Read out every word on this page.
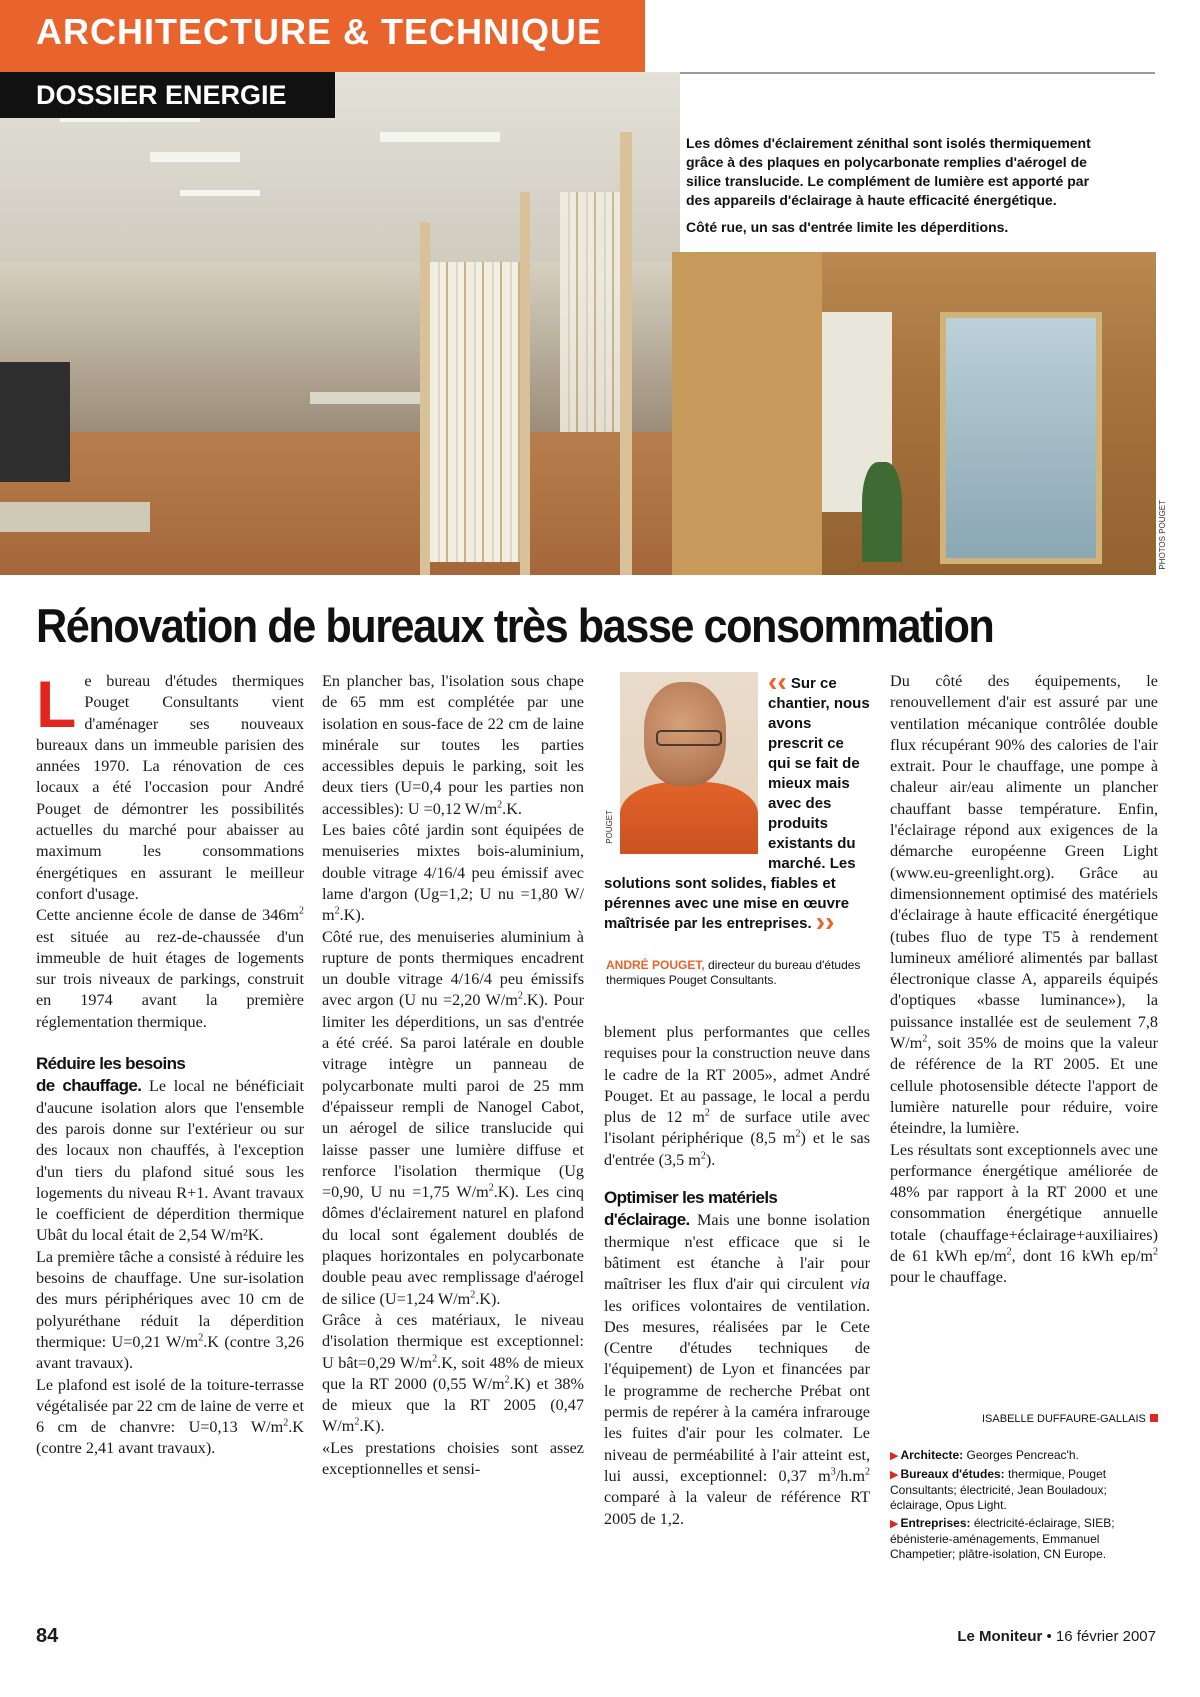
ARCHITECTURE & TECHNIQUE
DOSSIER ENERGIE

Les dômes d'éclairement zénithal sont isolés thermiquement grâce à des plaques en polycarbonate remplies d'aérogel de silice translucide. Le complément de lumière est apporté par des appareils d'éclairage à haute efficacité énergétique.

Côté rue, un sas d'entrée limite les déperditions.

PHOTOS POUGET
Rénovation de bureaux très basse consommation

Le bureau d'études thermiques Pouget Consultants vient d'aménager ses nouveaux bureaux dans un immeuble parisien des années 1970. La rénovation de ces locaux a été l'occasion pour André Pouget de démontrer les possibilités actuelles du marché pour abaisser au maximum les consommations énergétiques en assurant le meilleur confort d'usage.

Cette ancienne école de danse de $346m^2$ est située au rez-de-chaussée d'un immeuble de huit étages de logements sur trois niveaux de parkings, construit en 1974 avant la première réglementation thermique.

Réduire les besoins
de chauffage. Le local ne bénéficiait d'aucune isolation alors que l'ensemble des parois donne sur l'extérieur ou sur des locaux non chauffés, à l'exception d'un tiers du plafond situé sous les logements du niveau R+1. Avant travaux le coefficient de déperdition thermique Ubât du local était de 2,54 W/m²K.

La première tâche a consisté à réduire les besoins de chauffage. Une sur-isolation des murs périphériques avec 10 cm de polyuréthane réduit la déperdition thermique: U=0,21 $W/m^2.K$ (contre 3,26 avant travaux).

Le plafond est isolé de la toiture-terrasse végétalisée par 22 cm de laine de verre et 6 cm de chanvre: U=0,13 $W/m^2.K$ (contre 2,41 avant travaux).

En plancher bas, l'isolation sous chape de 65 mm est complétée par une isolation en sous-face de 22 cm de laine minérale sur toutes les parties accessibles depuis le parking, soit les deux tiers (U=0,4 pour les parties non accessibles): U =0,12 $W/m^2.K$.

Les baies côté jardin sont équipées de menuiseries mixtes bois-aluminium, double vitrage 4/16/4 peu émissif avec lame d'argon (Ug=1,2; U nu =1,80 W/ $m^2.K$).

Côté rue, des menuiseries aluminium à rupture de ponts thermiques encadrent un double vitrage 4/16/4 peu émissifs avec argon (U nu =2,20 $W/m^2.K$). Pour limiter les déperditions, un sas d'entrée a été créé. Sa paroi latérale en double vitrage intègre un panneau de polycarbonate multi paroi de 25 mm d'épaisseur rempli de Nanogel Cabot, un aérogel de silice translucide qui laisse passer une lumière diffuse et renforce l'isolation thermique (Ug =0,90, U nu =1,75 $W/m^2.K$). Les cinq dômes d'éclairement naturel en plafond du local sont également doublés de plaques horizontales en polycarbonate double peau avec remplissage d'aérogel de silice (U=1,24 $W/m^2.K$).

Grâce à ces matériaux, le niveau d'isolation thermique est exceptionnel: U bât=0,29 $W/m^2.K$, soit 48% de mieux que la RT 2000 (0,55 $W/m^2.K$) et 38% de mieux que la RT 2005 (0,47 $W/m^2.K$).

«Les prestations choisies sont assez exceptionnelles et sensi-

POUGET
‹‹ Sur ce chantier, nous avons prescrit ce qui se fait de mieux mais avec des produits existants du marché. Les solutions sont solides, fiables et pérennes avec une mise en œuvre maîtrisée par les entreprises. ››

ANDRÉ POUGET, directeur du bureau d'études thermiques Pouget Consultants.

blement plus performantes que celles requises pour la construction neuve dans le cadre de la RT 2005», admet André Pouget. Et au passage, le local a perdu plus de 12 $m^2$ de surface utile avec l'isolant périphérique (8,5 $m^2$) et le sas d'entrée (3,5 $m^2$).

Optimiser les matériels
d'éclairage. Mais une bonne isolation thermique n'est efficace que si le bâtiment est étanche à l'air pour maîtriser les flux d'air qui circulent via les orifices volontaires de ventilation. Des mesures, réalisées par le Cete (Centre d'études techniques de l'équipement) de Lyon et financées par le programme de recherche Prébat ont permis de repérer à la caméra infrarouge les fuites d'air pour les colmater. Le niveau de perméabilité à l'air atteint est, lui aussi, exceptionnel: 0,37 $m^3/h.m^2$ comparé à la valeur de référence RT 2005 de 1,2.

Du côté des équipements, le renouvellement d'air est assuré par une ventilation mécanique contrôlée double flux récupérant 90% des calories de l'air extrait. Pour le chauffage, une pompe à chaleur air/eau alimente un plancher chauffant basse température. Enfin, l'éclairage répond aux exigences de la démarche européenne Green Light (www.eu-greenlight.org). Grâce au dimensionnement optimisé des matériels d'éclairage à haute efficacité énergétique (tubes fluo de type T5 à rendement lumineux amélioré alimentés par ballast électronique classe A, appareils équipés d'optiques «basse luminance»), la puissance installée est de seulement 7,8 $W/m^2$, soit 35% de moins que la valeur de référence de la RT 2005. Et une cellule photosensible détecte l'apport de lumière naturelle pour réduire, voire éteindre, la lumière.

Les résultats sont exceptionnels avec une performance énergétique améliorée de 48% par rapport à la RT 2000 et une consommation énergétique annuelle totale (chauffage+éclairage+auxiliaires) de 61 kWh $ep/m^2$, dont 16 kWh $ep/m^2$ pour le chauffage.

ISABELLE DUFFAURE-GALLAIS

▶ Architecte: Georges Pencreac'h.

▶ Bureaux d'études: thermique, Pouget Consultants; électricité, Jean Bouladoux; éclairage, Opus Light.

▶ Entreprises: électricité-éclairage, SIEB; ébénisterie-aménagements, Emmanuel Champetier; plâtre-isolation, CN Europe.

84	Le Moniteur • 16 février 2007
